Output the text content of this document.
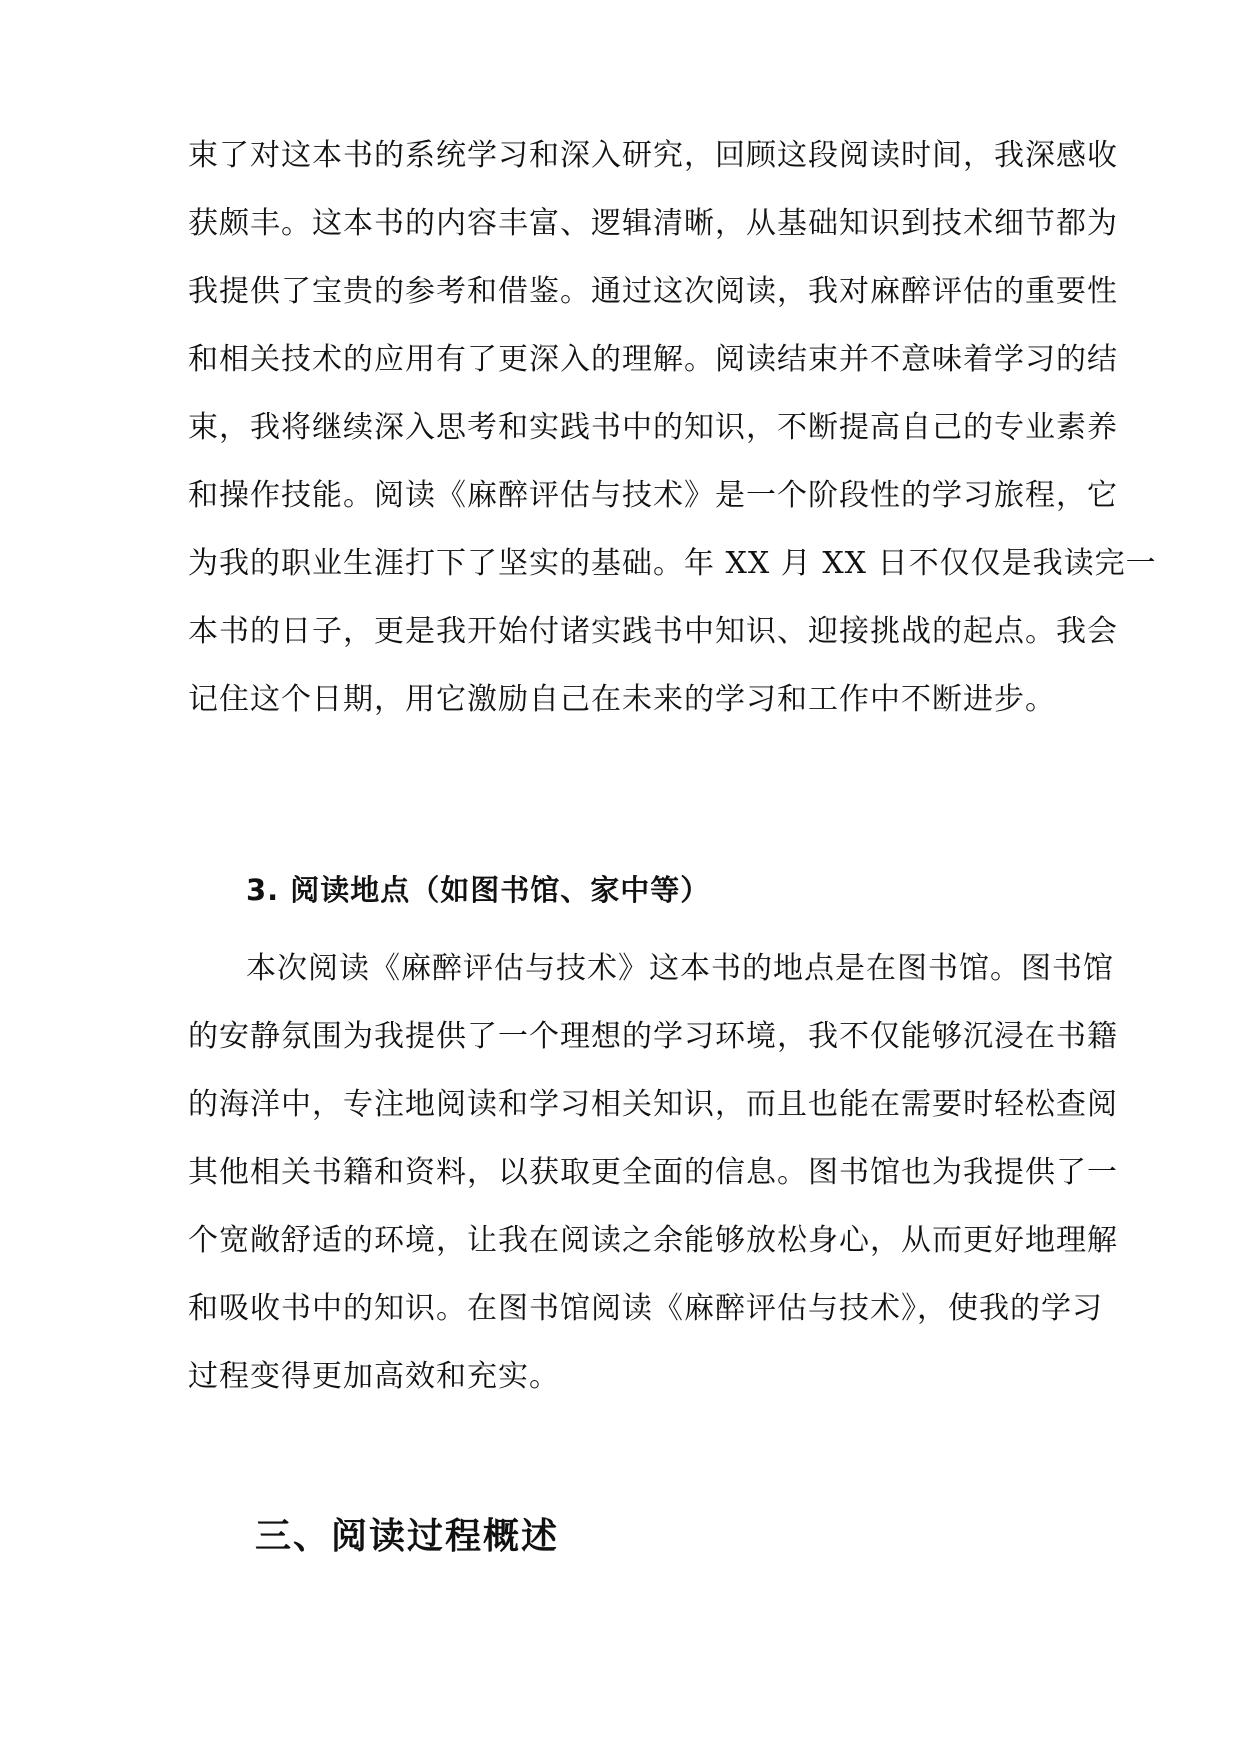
束了对这本书的系统学习和深入研究，回顾这段阅读时间，我深感收
获颇丰。这本书的内容丰富、逻辑清晰，从基础知识到技术细节都为
我提供了宝贵的参考和借鉴。通过这次阅读，我对麻醉评估的重要性
和相关技术的应用有了更深入的理解。阅读结束并不意味着学习的结
束，我将继续深入思考和实践书中的知识，不断提高自己的专业素养
和操作技能。阅读《麻醉评估与技术》是一个阶段性的学习旅程，它
为我的职业生涯打下了坚实的基础。年 XX 月 XX 日不仅仅是我读完一
本书的日子，更是我开始付诸实践书中知识、迎接挑战的起点。我会
记住这个日期，用它激励自己在未来的学习和工作中不断进步。
3. 阅读地点（如图书馆、家中等）
本次阅读《麻醉评估与技术》这本书的地点是在图书馆。图书馆
的安静氛围为我提供了一个理想的学习环境，我不仅能够沉浸在书籍
的海洋中，专注地阅读和学习相关知识，而且也能在需要时轻松查阅
其他相关书籍和资料，以获取更全面的信息。图书馆也为我提供了一
个宽敞舒适的环境，让我在阅读之余能够放松身心，从而更好地理解
和吸收书中的知识。在图书馆阅读《麻醉评估与技术》，使我的学习
过程变得更加高效和充实。
三、阅读过程概述
